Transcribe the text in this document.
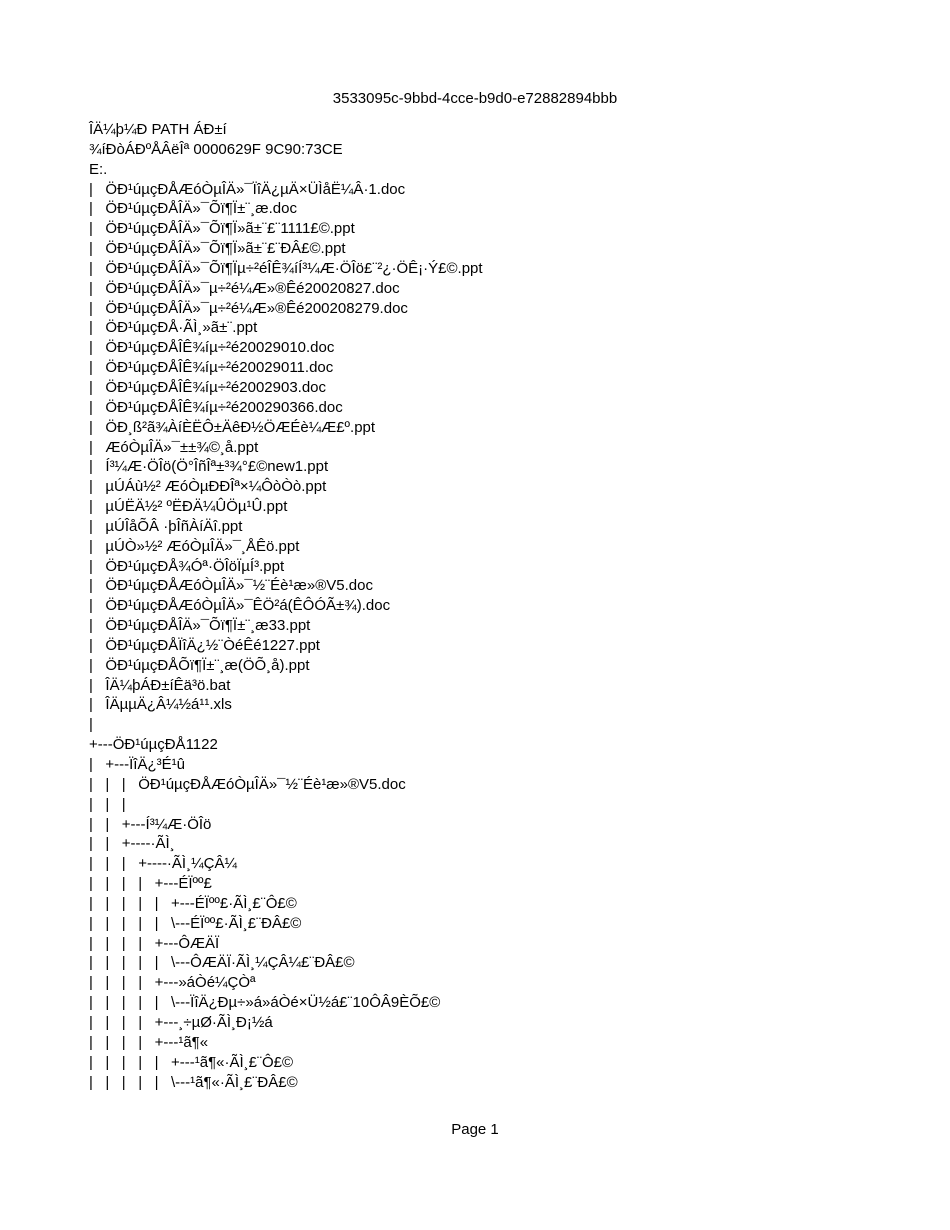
3533095c-9bbd-4cce-b9d0-e72882894bbb
ÎÄ¼þ¼Ð PATH ÁÐ±í
¾íÐòÁÐºÅÂëÎª 0000629F 9C90:73CE
E:.
|   ÖÐ¹úµçÐÅÆóÒµÎÄ»¯ÏîÄ¿µÄ×ÜÌåË¼Â·1.doc
|   ÖÐ¹úµçÐÅÎÄ»¯Õï¶Ï±¨¸æ.doc
|   ÖÐ¹úµçÐÅÎÄ»¯Õï¶Ï»ã±¨£¨1111£©.ppt
|   ÖÐ¹úµçÐÅÎÄ»¯Õï¶Ï»ã±¨£¨ÐÂ£©.ppt
|   ÖÐ¹úµçÐÅÎÄ»¯Õï¶Ïµ÷²éÎÊ¾íÍ³¼Æ·ÖÎö£¨²¿·ÖÊ¡·Ý£©.ppt
|   ÖÐ¹úµçÐÅÎÄ»¯µ÷²é¼Æ»®Êé20020827.doc
|   ÖÐ¹úµçÐÅÎÄ»¯µ÷²é¼Æ»®Êé200208279.doc
|   ÖÐ¹úµçÐÅ·ÃÌ¸»ã±¨.ppt
|   ÖÐ¹úµçÐÅÎÊ¾íµ÷²é20029010.doc
|   ÖÐ¹úµçÐÅÎÊ¾íµ÷²é20029011.doc
|   ÖÐ¹úµçÐÅÎÊ¾íµ÷²é2002903.doc
|   ÖÐ¹úµçÐÅÎÊ¾íµ÷²é200290366.doc
|   ÖÐ¸ß²ã¾ÀíÈËÔ±ÄêÐ½ÖÆÉè¼Æ£º.ppt
|   ÆóÒµÎÄ»¯±±¾©¸å.ppt
|   Í³¼Æ·ÖÎö(Ö°ÎñÎª±³¾°£©new1.ppt
|   µÚÁù½² ÆóÒµÐÐÎª×¼ÔòÒò.ppt
|   µÚËÄ½² ºËÐÄ¼ÛÖµ¹Û.ppt
|   µÚÎåÕÂ ·þÎñÀíÄî.ppt
|   µÚÒ»½² ÆóÒµÎÄ»¯¸ÅÊö.ppt
|   ÖÐ¹úµçÐÅ¾Óª·ÖÎöÏµÍ³.ppt
|   ÖÐ¹úµçÐÅÆóÒµÎÄ»¯½¨Éè¹æ»®V5.doc
|   ÖÐ¹úµçÐÅÆóÒµÎÄ»¯ÊÖ²á(ÊÔÓÃ±¾).doc
|   ÖÐ¹úµçÐÅÎÄ»¯Õï¶Ï±¨¸æ33.ppt
|   ÖÐ¹úµçÐÅÏîÄ¿½¨ÒéÊé1227.ppt
|   ÖÐ¹úµçÐÅÕï¶Ï±¨¸æ(ÖÕ¸å).ppt
|   ÎÄ¼þÁÐ±íÊä³ö.bat
|   ÎÄµµÄ¿Â¼½á¹¹.xls
|
+---ÖÐ¹úµçÐÅ1122
|   +---ÏîÄ¿³É¹û
|   |   |   ÖÐ¹úµçÐÅÆóÒµÎÄ»¯½¨Éè¹æ»®V5.doc
|   |   |
|   |   +---Í³¼Æ·ÖÎö
|   |   +----·ÃÌ¸
|   |   |   +----·ÃÌ¸¼ÇÂ¼
|   |   |   |   +---ÉÏºº£
|   |   |   |   |   +---ÉÏºº£·ÃÌ¸£¨Ô£©
|   |   |   |   |   \---ÉÏºº£·ÃÌ¸£¨ÐÂ£©
|   |   |   |   +---ÔÆÄÏ
|   |   |   |   |   \---ÔÆÄÏ·ÃÌ¸¼ÇÂ¼£¨ÐÂ£©
|   |   |   |   +---»áÒé¼ÇÒª
|   |   |   |   |   \---ÏîÄ¿Ðµ÷»á»áÒé×Ü½á£¨10ÔÂ9ÈÕ£©
|   |   |   |   +---¸÷µØ·ÃÌ¸Ð¡½á
|   |   |   |   +---¹ã¶«
|   |   |   |   |   +---¹ã¶«·ÃÌ¸£¨Ô£©
|   |   |   |   |   \---¹ã¶«·ÃÌ¸£¨ÐÂ£©
Page 1
